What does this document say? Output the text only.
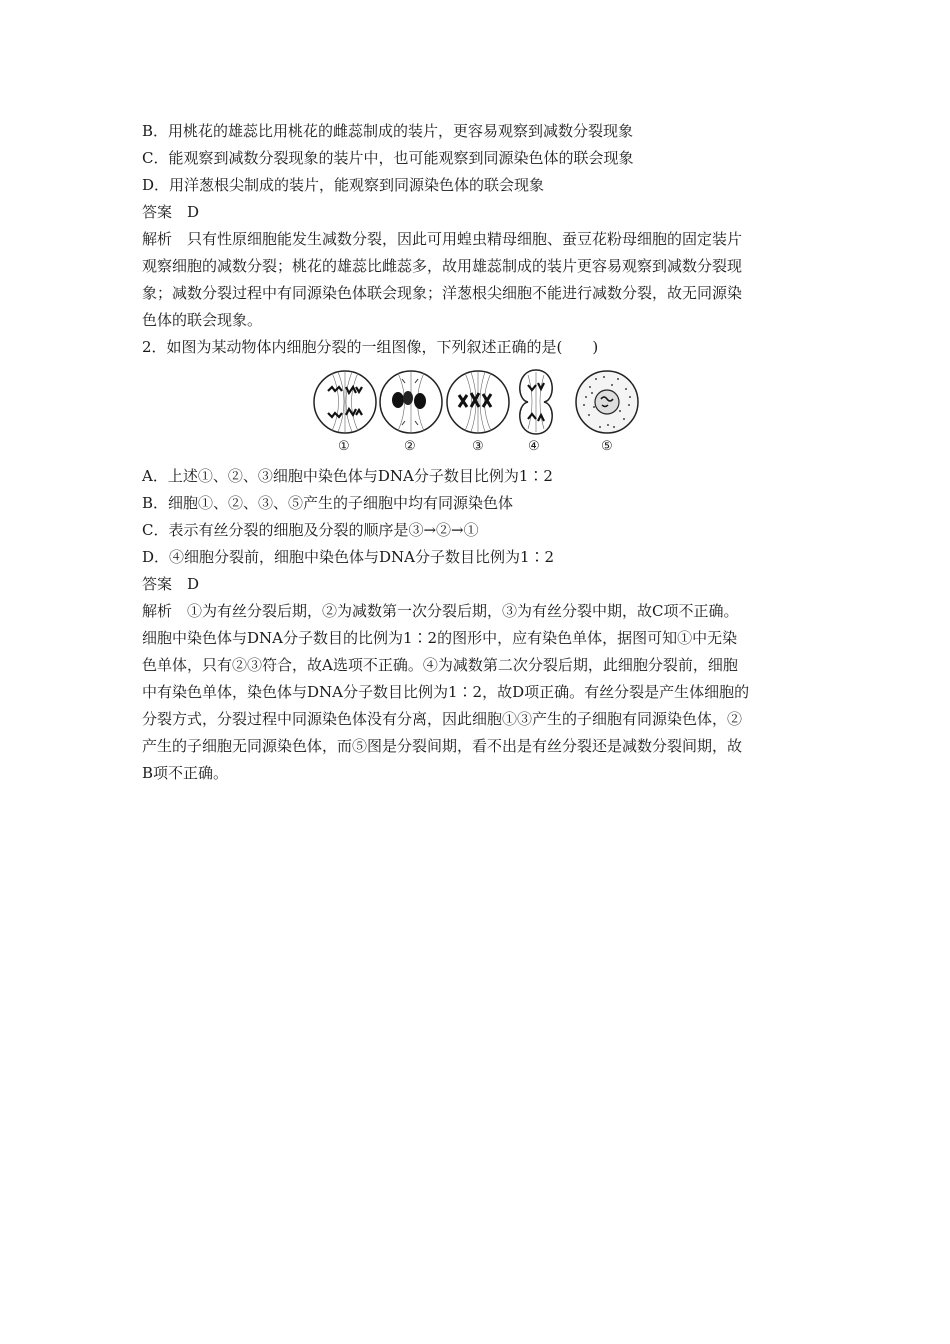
B．用桃花的雄蕊比用桃花的雌蕊制成的装片，更容易观察到减数分裂现象
C．能观察到减数分裂现象的装片中，也可能观察到同源染色体的联会现象
D．用洋葱根尖制成的装片，能观察到同源染色体的联会现象
答案　D
解析　只有性原细胞能发生减数分裂，因此可用蝗虫精母细胞、蚕豆花粉母细胞的固定装片
观察细胞的减数分裂；桃花的雄蕊比雌蕊多，故用雄蕊制成的装片更容易观察到减数分裂现
象；减数分裂过程中有同源染色体联会现象；洋葱根尖细胞不能进行减数分裂，故无同源染
色体的联会现象。
2．如图为某动物体内细胞分裂的一组图像，下列叙述正确的是(　　)
①	②	③	④	⑤
A．上述①、②、③细胞中染色体与DNA分子数目比例为1∶2
B．细胞①、②、③、⑤产生的子细胞中均有同源染色体
C．表示有丝分裂的细胞及分裂的顺序是③→②→①
D．④细胞分裂前，细胞中染色体与DNA分子数目比例为1∶2
答案　D
解析　①为有丝分裂后期，②为减数第一次分裂后期，③为有丝分裂中期，故C项不正确。
细胞中染色体与DNA分子数目的比例为1∶2的图形中，应有染色单体，据图可知①中无染
色单体，只有②③符合，故A选项不正确。④为减数第二次分裂后期，此细胞分裂前，细胞
中有染色单体，染色体与DNA分子数目比例为1∶2，故D项正确。有丝分裂是产生体细胞的
分裂方式，分裂过程中同源染色体没有分离，因此细胞①③产生的子细胞有同源染色体，②
产生的子细胞无同源染色体，而⑤图是分裂间期，看不出是有丝分裂还是减数分裂间期，故
B项不正确。
